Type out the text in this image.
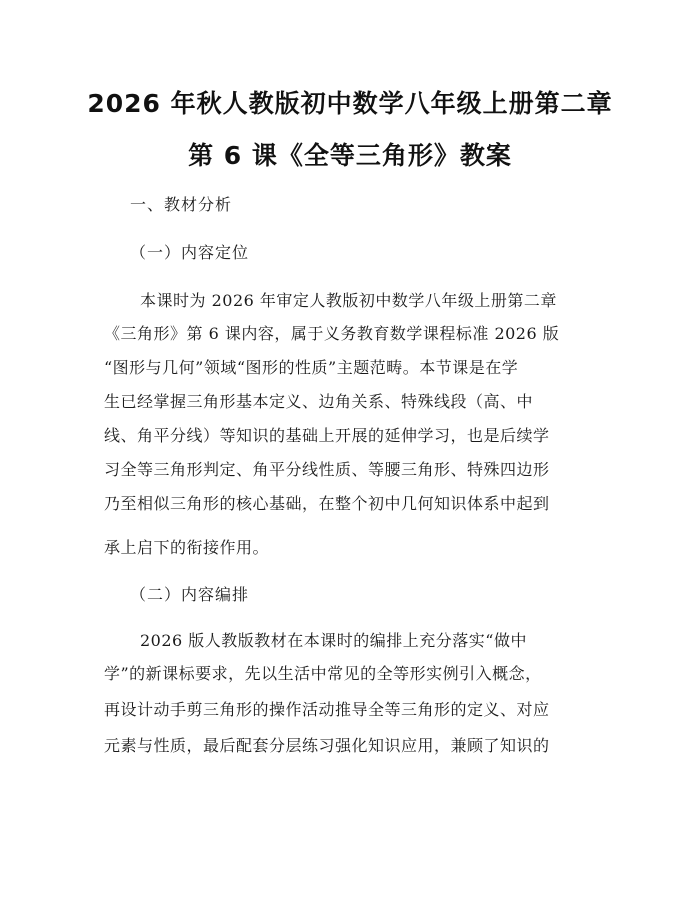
2026 年秋人教版初中数学八年级上册第二章
第 6 课《全等三角形》教案
一、教材分析
（一）内容定位
本课时为 2026 年审定人教版初中数学八年级上册第二章
《三角形》第 6 课内容，属于义务教育数学课程标准 2026 版
“图形与几何”领域“图形的性质”主题范畴。本节课是在学
生已经掌握三角形基本定义、边角关系、特殊线段（高、中
线、角平分线）等知识的基础上开展的延伸学习，也是后续学
习全等三角形判定、角平分线性质、等腰三角形、特殊四边形
乃至相似三角形的核心基础，在整个初中几何知识体系中起到
承上启下的衔接作用。
（二）内容编排
2026 版人教版教材在本课时的编排上充分落实“做中
学”的新课标要求，先以生活中常见的全等形实例引入概念，
再设计动手剪三角形的操作活动推导全等三角形的定义、对应
元素与性质，最后配套分层练习强化知识应用，兼顾了知识的
